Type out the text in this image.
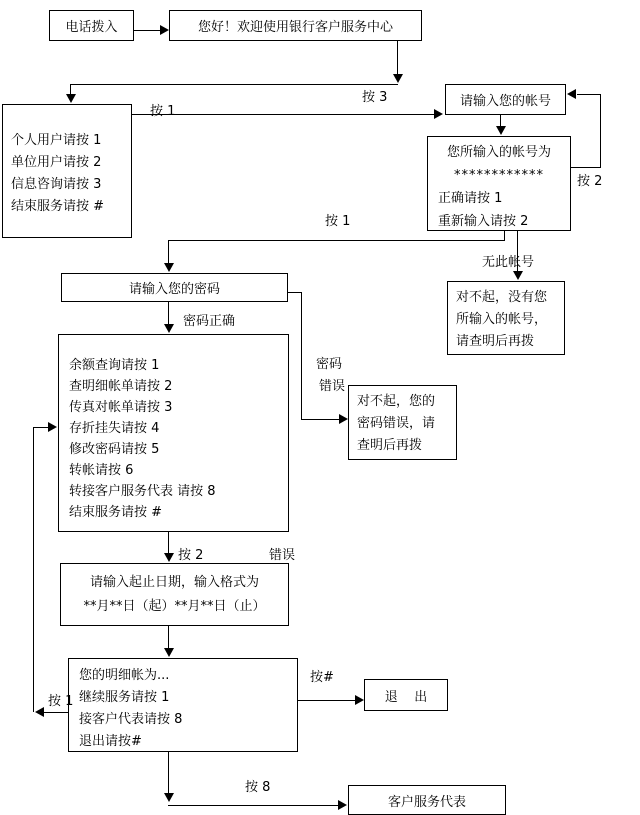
电话拨入	您好！欢迎使用银行客户服务中心
个人用户请按 1
单位用户请按 2
信息咨询请按 3
结束服务请按 #
请输入您的帐号
您所输入的帐号为
************
正确请按 1
重新输入请按 2
对不起，没有您
所输入的帐号，
请查明后再拨
请输入您的密码
余额查询请按 1
查明细帐单请按 2
传真对帐单请按 3
存折挂失请按 4
修改密码请按 5
转帐请按 6
转接客户服务代表 请按 8
结束服务请按 #
对不起，您的
密码错误，请
查明后再拨
请输入起止日期，输入格式为
**月**日（起）**月**日（止）
您的明细帐为...
继续服务请按 1
接客户代表请按 8
退出请按#
退    出
客户服务代表
按 3
按 1
按 2
按 1
无此帐号
密码正确
密码
错误
按 2	错误
按 1
按#
按 8
